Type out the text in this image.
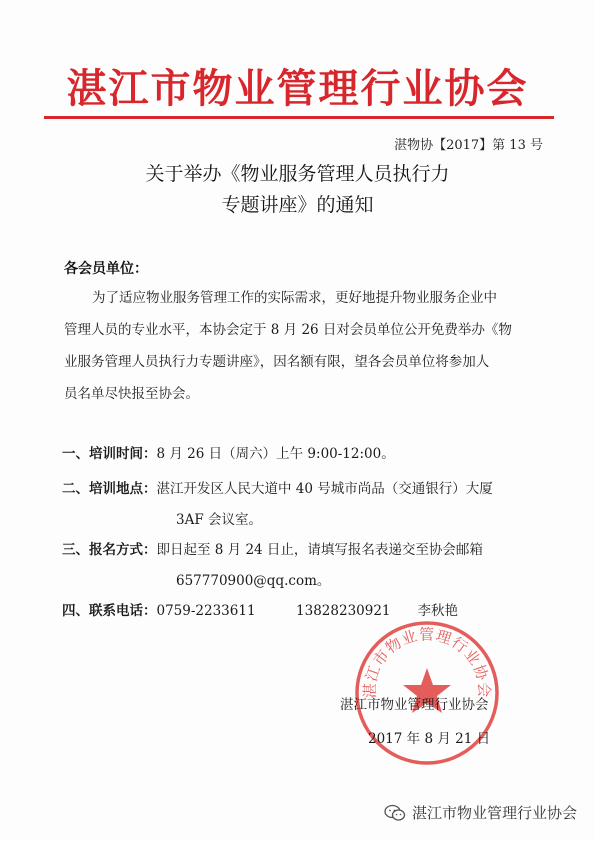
湛江市物业管理行业协会
湛物协【2017】第 13 号
关于举办《物业服务管理人员执行力
专题讲座》的通知
各会员单位：
为了适应物业服务管理工作的实际需求，更好地提升物业服务企业中
管理人员的专业水平，本协会定于 8 月 26 日对会员单位公开免费举办《物
业服务管理人员执行力专题讲座》，因名额有限，望各会员单位将参加人
员名单尽快报至协会。
一、培训时间：8 月 26 日（周六）上午 9:00-12:00。
二、培训地点：湛江开发区人民大道中 40 号城市尚品（交通银行）大厦
3AF 会议室。
三、报名方式：即日起至 8 月 24 日止，请填写报名表递交至协会邮箱
657770900@qq.com。
四、联系电话：0759-2233611　　　13828230921　　李秋艳
湛江市物业管理行业协会
湛江市物业管理行业协会
2017 年 8 月 21 日
湛江市物业管理行业协会
